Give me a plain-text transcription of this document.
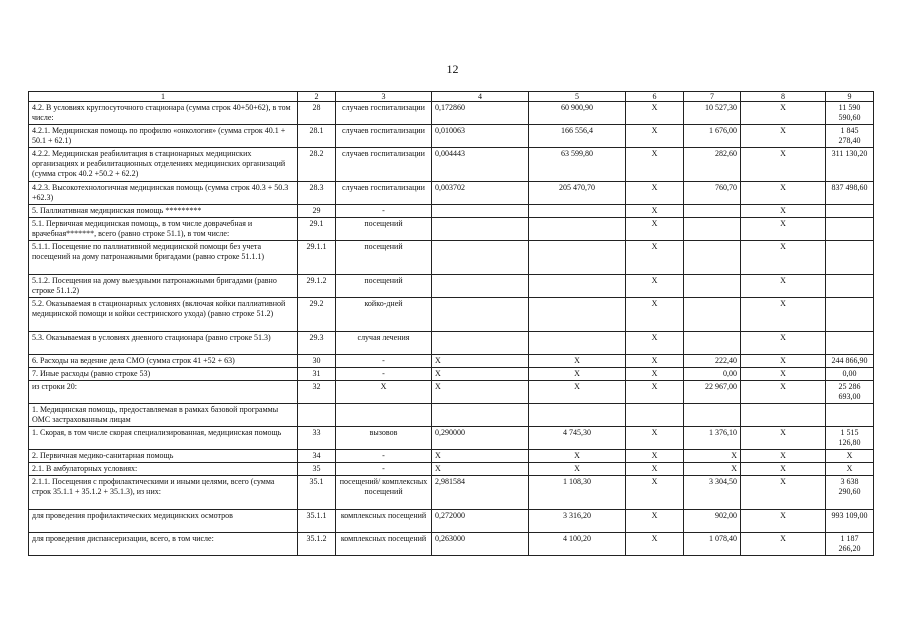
12
1	2	3	4	5	6	7	8	9	
4.2. В условиях круглосуточного стационара (сумма строк 40+50+62), в том числе:	28	случаев госпитализации	0,172860	60 900,90	X	10 527,30	X	11 590 590,60	
4.2.1. Медицинская помощь по профилю «онкология» (сумма строк 40.1 + 50.1 + 62.1)	28.1	случаев госпитализации	0,010063	166 556,4	X	1 676,00	X	1 845 278,40	
4.2.2. Медицинская реабилитация в стационарных медицинских организациях и реабилитационных отделениях медицинских организаций (сумма строк 40.2 +50.2 + 62.2)	28.2	случаев госпитализации	0,004443	63 599,80	X	282,60	X	311 130,20	
4.2.3. Высокотехнологичная медицинская помощь (сумма строк 40.3 + 50.3 +62.3)	28.3	случаев госпитализации	0,003702	205 470,70	X	760,70	X	837 498,60	
5. Паллиативная медицинская помощь *********	29	-			X		X		
5.1. Первичная медицинская помощь, в том числе доврачебная и врачебная*******, всего (равно строке 51.1), в том числе:	29.1	посещений			X		X		
5.1.1. Посещение по паллиативной медицинской помощи без учета посещений на дому патронажными бригадами (равно строке 51.1.1)	29.1.1	посещений			X		X		
5.1.2. Посещения на дому выездными патронажными бригадами (равно строке 51.1.2)	29.1.2	посещений			X		X		
5.2. Оказываемая в стационарных условиях (включая койки паллиативной медицинской помощи и койки сестринского ухода) (равно строке 51.2)	29.2	койко-дней			X		X		
5.3. Оказываемая в условиях дневного стационара (равно строке 51.3)	29.3	случая лечения			X		X		
6. Расходы на ведение дела СМО (сумма строк 41 +52 + 63)	30	-	X	X	X	222,40	X	244 866,90	
7. Иные расходы (равно строке 53)	31	-	X	X	X	0,00	X	0,00	
из строки 20:	32	X	X	X	X	22 967,00	X	25 286 693,00	
1. Медицинская помощь, предоставляемая в рамках базовой программы ОМС застрахованным лицам									
1. Скорая, в том числе скорая специализированная, медицинская помощь	33	вызовов	0,290000	4 745,30	X	1 376,10	X	1 515 126,80	
2. Первичная медико-санитарная помощь	34	-	X	X	X	X	X	X	
2.1. В амбулаторных условиях:	35	-	X	X	X	X	X	X	
2.1.1. Посещения с профилактическими и иными целями, всего (сумма строк 35.1.1 + 35.1.2 + 35.1.3), из них:	35.1	посещений/ комплексных посещений	2,981584	1 108,30	X	3 304,50	X	3 638 290,60	
для проведения профилактических медицинских осмотров	35.1.1	комплексных посещений	0,272000	3 316,20	X	902,00	X	993 109,00	
для проведения диспансеризации, всего, в том числе:	35.1.2	комплексных посещений	0,263000	4 100,20	X	1 078,40	X	1 187 266,20	
